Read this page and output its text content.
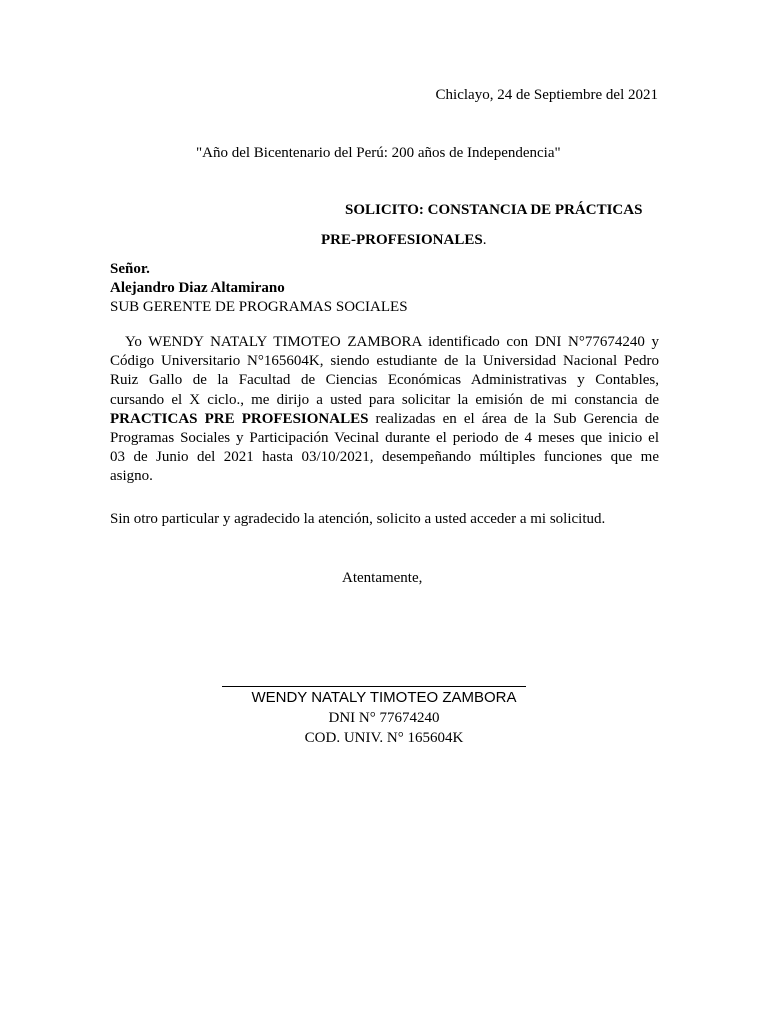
Chiclayo, 24 de Septiembre del 2021
"Año del Bicentenario del Perú: 200 años de Independencia"
SOLICITO: CONSTANCIA DE PRÁCTICAS
PRE-PROFESIONALES.
Señor.
Alejandro Diaz Altamirano
SUB GERENTE DE PROGRAMAS SOCIALES
Yo WENDY NATALY TIMOTEO ZAMBORA identificado con DNI N°77674240 y
Código Universitario N°165604K, siendo estudiante de la Universidad Nacional Pedro
Ruiz Gallo de la Facultad de Ciencias Económicas Administrativas y Contables,
cursando el X ciclo., me dirijo a usted para solicitar la emisión de mi constancia de
PRACTICAS PRE PROFESIONALES realizadas en el área de la Sub Gerencia de
Programas Sociales y Participación Vecinal durante el periodo de 4 meses que inicio el
03 de Junio del 2021 hasta 03/10/2021, desempeñando múltiples funciones que me
asigno.
Sin otro particular y agradecido la atención, solicito a usted acceder a mi solicitud.
Atentamente,
WENDY NATALY TIMOTEO ZAMBORA
DNI N° 77674240
COD. UNIV. N° 165604K
